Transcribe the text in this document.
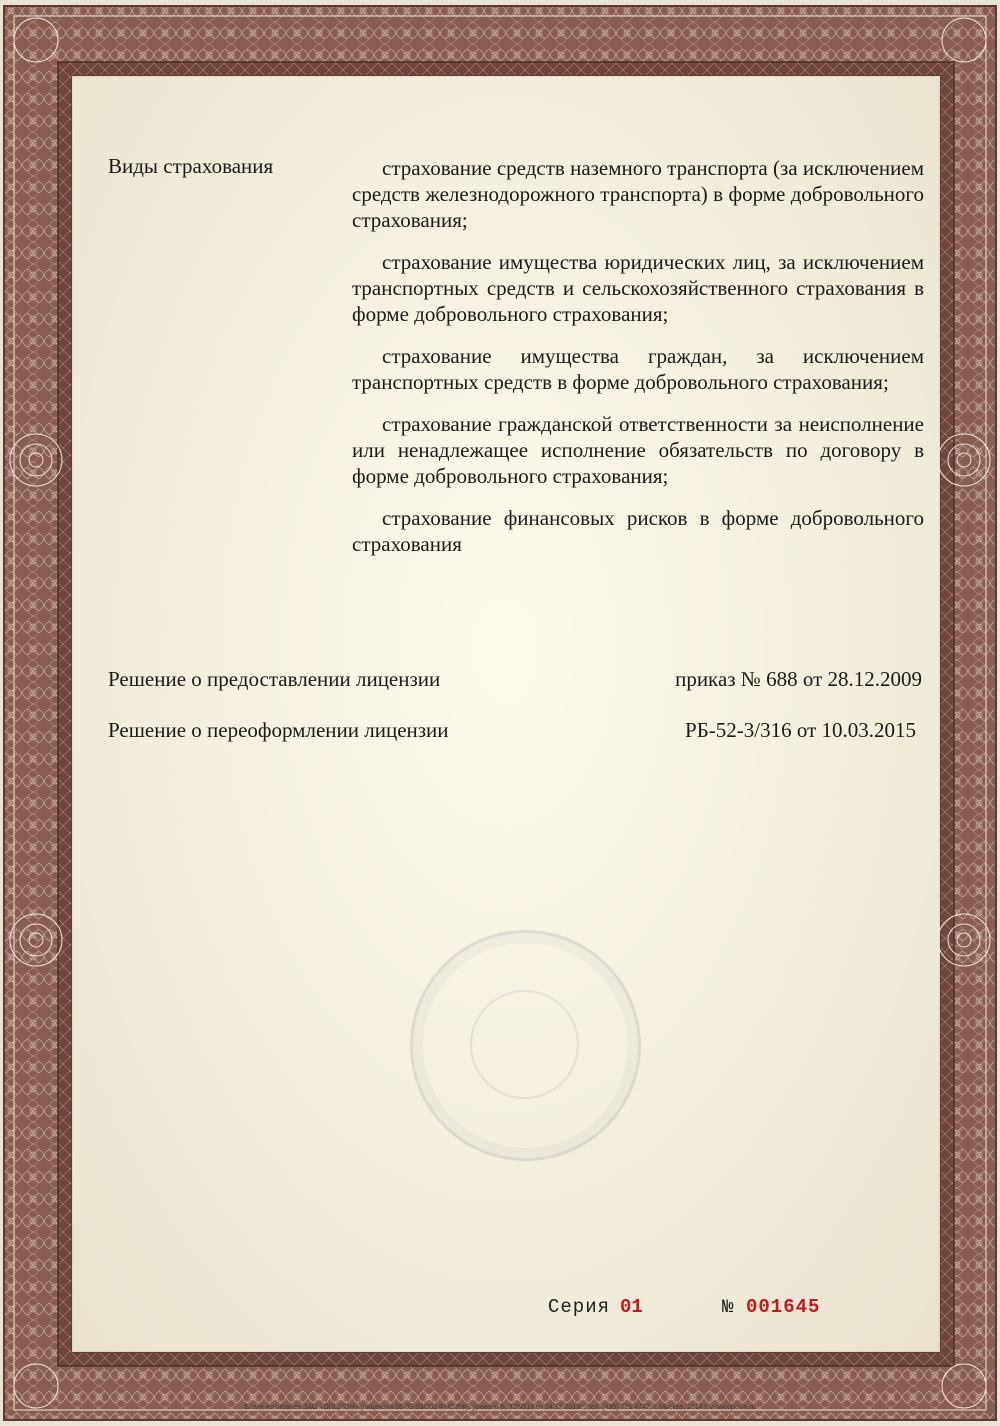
Виды страхования	страхование средств наземного транспорта (за исключением средств железнодорожного транспорта) в форме добровольного страхования;

страхование имущества юридических лиц, за исключением транспортных средств и сельскохозяйственного страхования в форме добровольного страхования;

страхование имущества граждан, за исключением транспортных средств в форме добровольного страхования;

страхование гражданской ответственности за неисполнение или ненадлежащее исполнение обязательств по договору в форме добровольного страхования;

страхование финансовых рисков в форме добровольного страхования

Решение о предоставлении лицензии	приказ № 688 от 28.12.2009
Решение о переоформлении лицензии	РБ-52-3/316 от 10.03.2015
Серия 01	№ 001645
Бланк изготовлен ЗАО «ОПЦИОН» (лицензия 05-05-09/003 ФНС РФ), уровень Б, ТЗN918 от 24.12.2013г., тел. (495) 726 4742, г. Москва, 2014 г. www.opcion.ru
